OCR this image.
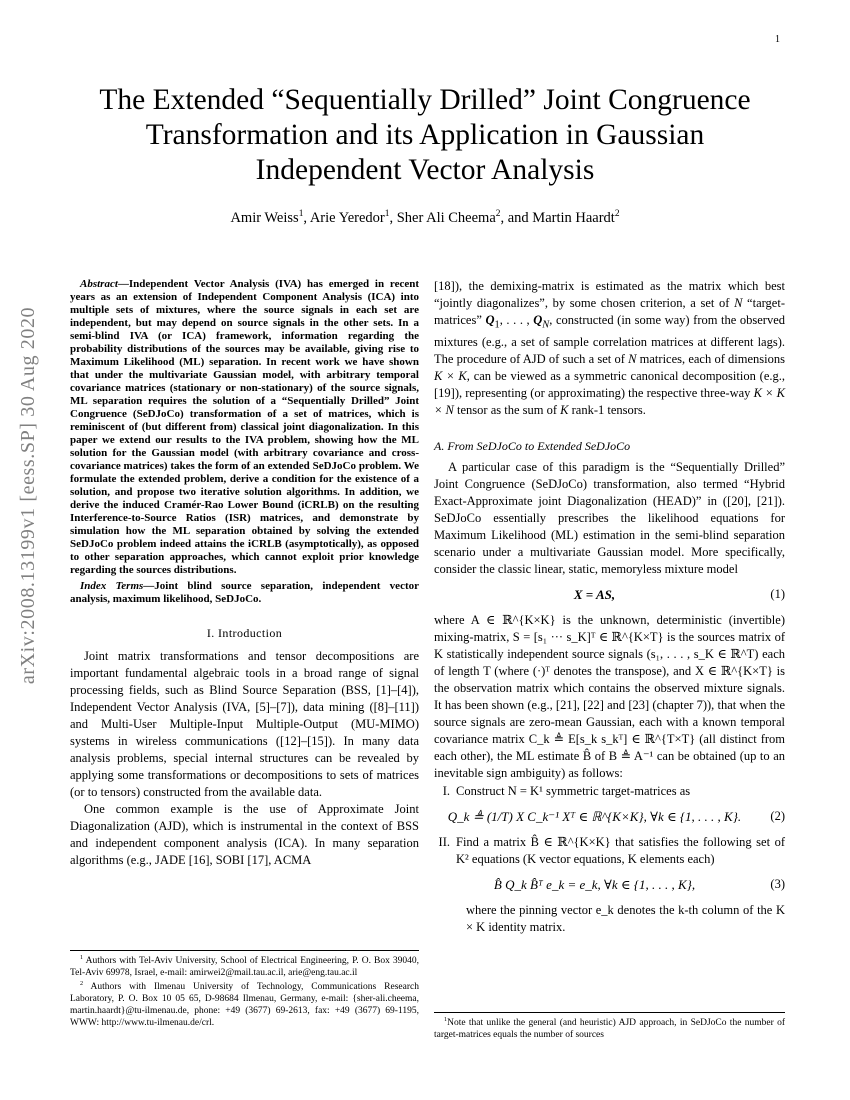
1
arXiv:2008.13199v1 [eess.SP] 30 Aug 2020
The Extended “Sequentially Drilled” Joint Congruence Transformation and its Application in Gaussian Independent Vector Analysis
Amir Weiss$^1$, Arie Yeredor$^1$, Sher Ali Cheema$^2$, and Martin Haardt$^2$

Abstract—Independent Vector Analysis (IVA) has emerged in recent years as an extension of Independent Component Analysis (ICA) into multiple sets of mixtures, where the source signals in each set are independent, but may depend on source signals in the other sets. In a semi-blind IVA (or ICA) framework, information regarding the probability distributions of the sources may be available, giving rise to Maximum Likelihood (ML) separation. In recent work we have shown that under the multivariate Gaussian model, with arbitrary temporal covariance matrices (stationary or non-stationary) of the source signals, ML separation requires the solution of a “Sequentially Drilled” Joint Congruence (SeDJoCo) transformation of a set of matrices, which is reminiscent of (but different from) classical joint diagonalization. In this paper we extend our results to the IVA problem, showing how the ML solution for the Gaussian model (with arbitrary covariance and cross-covariance matrices) takes the form of an extended SeDJoCo problem. We formulate the extended problem, derive a condition for the existence of a solution, and propose two iterative solution algorithms. In addition, we derive the induced Cramér-Rao Lower Bound (iCRLB) on the resulting Interference-to-Source Ratios (ISR) matrices, and demonstrate by simulation how the ML separation obtained by solving the extended SeDJoCo problem indeed attains the iCRLB (asymptotically), as opposed to other separation approaches, which cannot exploit prior knowledge regarding the sources distributions.

Index Terms—Joint blind source separation, independent vector analysis, maximum likelihood, SeDJoCo.

I. Introduction

Joint matrix transformations and tensor decompositions are important fundamental algebraic tools in a broad range of signal processing fields, such as Blind Source Separation (BSS, [1]–[4]), Independent Vector Analysis (IVA, [5]–[7]), data mining ([8]–[11]) and Multi-User Multiple-Input Multiple-Output (MU-MIMO) systems in wireless communications ([12]–[15]). In many data analysis problems, special internal structures can be revealed by applying some transformations or decompositions to sets of matrices (or to tensors) constructed from the available data.

One common example is the use of Approximate Joint Diagonalization (AJD), which is instrumental in the context of BSS and independent component analysis (ICA). In many separation algorithms (e.g., JADE [16], SOBI [17], ACMA

$^1$ Authors with Tel-Aviv University, School of Electrical Engineering, P. O. Box 39040, Tel-Aviv 69978, Israel, e-mail: amirwei2@mail.tau.ac.il, arie@eng.tau.ac.il

$^2$ Authors with Ilmenau University of Technology, Communications Research Laboratory, P. O. Box 10 05 65, D-98684 Ilmenau, Germany, e-mail: {sher-ali.cheema, martin.haardt}@tu-ilmenau.de, phone: +49 (3677) 69-2613, fax: +49 (3677) 69-1195, WWW: http://www.tu-ilmenau.de/crl.

[18]), the demixing-matrix is estimated as the matrix which best “jointly diagonalizes”, by some chosen criterion, a set of N “target-matrices” $Q_1$, . . . , $Q_N$, constructed (in some way) from the observed mixtures (e.g., a set of sample correlation matrices at different lags). The procedure of AJD of such a set of N matrices, each of dimensions K × K, can be viewed as a symmetric canonical decomposition (e.g., [19]), representing (or approximating) the respective three-way K × K × N tensor as the sum of K rank-1 tensors.

A. From SeDJoCo to Extended SeDJoCo

A particular case of this paradigm is the “Sequentially Drilled” Joint Congruence (SeDJoCo) transformation, also termed “Hybrid Exact-Approximate joint Diagonalization (HEAD)” in ([20], [21]). SeDJoCo essentially prescribes the likelihood equations for Maximum Likelihood (ML) estimation in the semi-blind separation scenario under a multivariate Gaussian model. More specifically, consider the classic linear, static, memoryless mixture model

X = AS,	(1)

where A ∈ ℝ^{K×K} is the unknown, deterministic (invertible) mixing-matrix, S = [s₁ ··· s_K]ᵀ ∈ ℝ^{K×T} is the sources matrix of K statistically independent source signals (s₁, . . . , s_K ∈ ℝ^T) each of length T (where (·)ᵀ denotes the transpose), and X ∈ ℝ^{K×T} is the observation matrix which contains the observed mixture signals. It has been shown (e.g., [21], [22] and [23] (chapter 7)), that when the source signals are zero-mean Gaussian, each with a known temporal covariance matrix C_k ≜ E[s_k s_kᵀ] ∈ ℝ^{T×T} (all distinct from each other), the ML estimate B̂ of B ≜ A⁻¹ can be obtained (up to an inevitable sign ambiguity) as follows:

I. Construct N = K¹ symmetric target-matrices as
Q_k ≜ (1/T) X C_k⁻¹ Xᵀ ∈ ℝ^{K×K}, ∀k ∈ {1, . . . , K}.	(2)
II. Find a matrix B̂ ∈ ℝ^{K×K} that satisfies the following set of K² equations (K vector equations, K elements each)
B̂ Q_k B̂ᵀ e_k = e_k, ∀k ∈ {1, . . . , K},	(3)

where the pinning vector e_k denotes the k-th column of the K × K identity matrix.

$^1$Note that unlike the general (and heuristic) AJD approach, in SeDJoCo the number of target-matrices equals the number of sources
